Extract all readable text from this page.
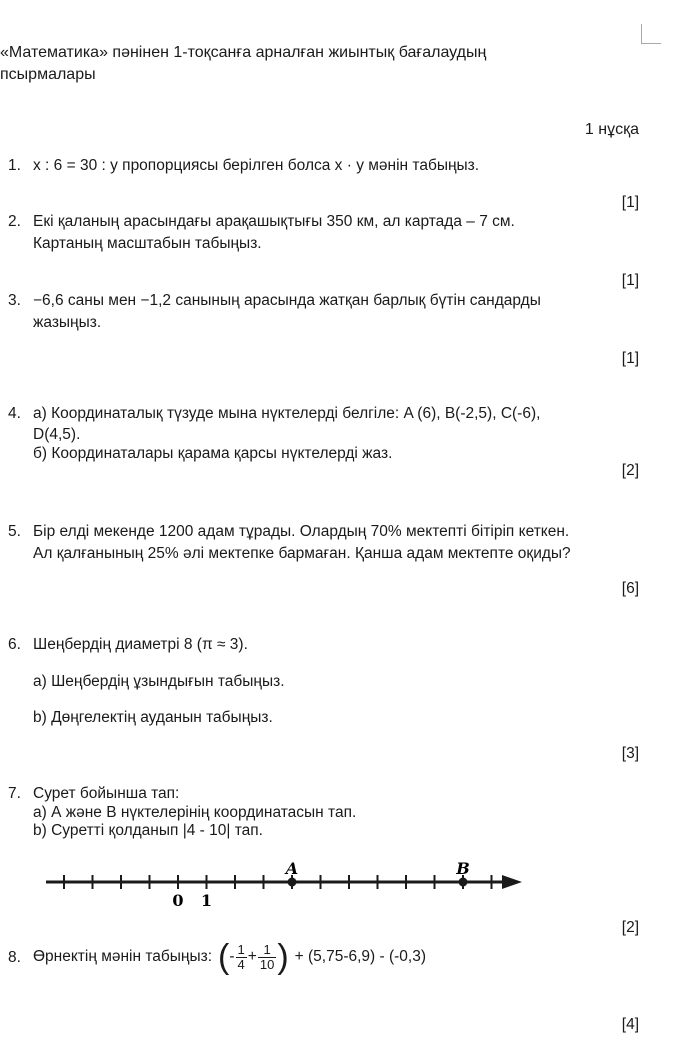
«Математика» пәнінен 1-тоқсанға арналған жиынтық бағалаудың
псырмалары
1 нұсқа
1. x : 6 = 30 : y пропорциясы берілген болса x · y мәнін табыңыз.
[1]
2. Екі қаланың арасындағы арақашықтығы 350 км, ал картада – 7 см.
Картаның масштабын табыңыз.
[1]
3. −6,6 саны мен −1,2 санының арасында жатқан барлық бүтін сандарды
жазыңыз.
[1]
4. а) Координаталық түзуде мына нүктелерді белгіле: A (6), B(-2,5), C(-6),
D(4,5).
б) Координаталары қарама қарсы нүктелерді жаз.
[2]
5. Бір елді мекенде 1200 адам тұрады. Олардың 70% мектепті бітіріп кеткен.
Ал қалғанының 25% әлі мектепке бармаған. Қанша адам мектепте оқиды?
[6]
6. Шеңбердің диаметрі 8 (π ≈ 3).
а) Шеңбердің ұзындығын табыңыз.
b) Дөңгелектің ауданын табыңыз.
[3]
7. Сурет бойынша тап:
а) А және В нүктелерінің координатасын тап.
b) Суретті қолданып |4 - 10| тап.
A	B
0 1
[2]
8. Өрнектің мәнін табыңыз: ( - $\frac{1}{4} + \frac{1}{10}$ ) + (5,75-6,9) - (-0,3)
[4]
